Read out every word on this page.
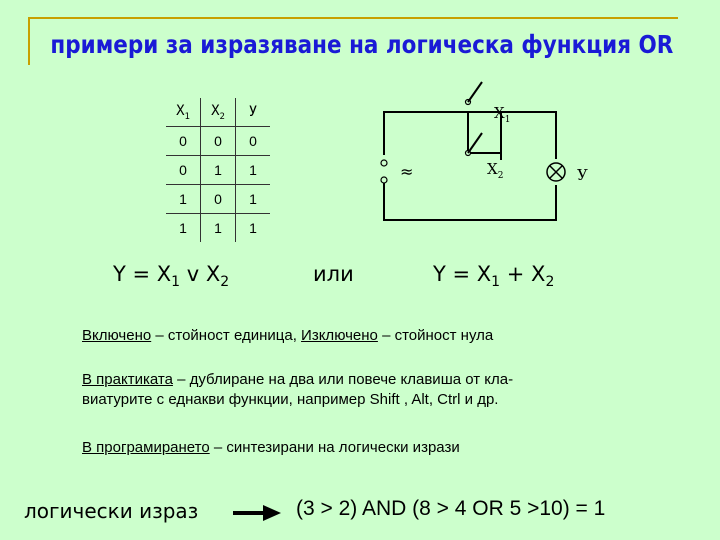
примери за изразяване на логическа функция OR
$X_1$	$X_2$	У
0	0	0
0	1	1
1	0	1
1	1	1
≈
$X_1$
$X_2$	У
$Y = X_1$ v $X_2$	или	$Y = X_1 + X_2$
Включено – стойност единица, Изключено – стойност нула
В практиката – дублиране на два или повече клавиша от кла-
виатурите с еднакви функции, например Shift , Alt, Ctrl и др.
В програмирането – синтезирани на логически изрази
логически израз	(3 > 2) AND (8 > 4 OR 5 >10) = 1
